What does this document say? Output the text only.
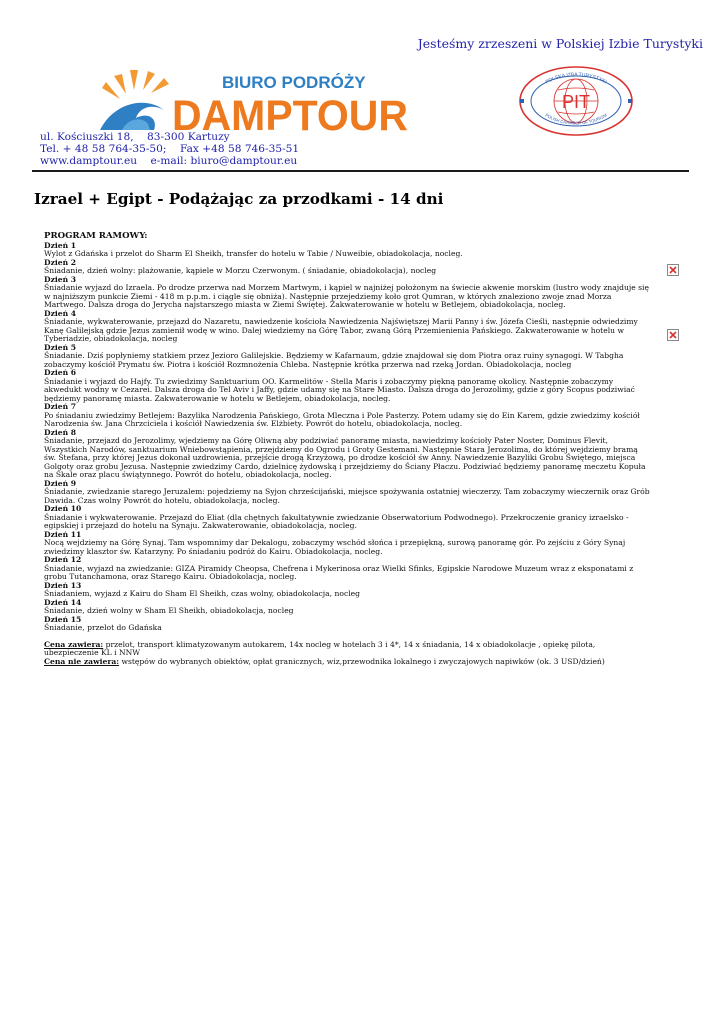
Jesteśmy zrzeszeni w Polskiej Izbie Turystyki
BIURO PODRÓŻY
DAMPTOUR
POLSKA IZBA TURYSTYKI
POLISH CHAMBER OF TOURISM
PIT
ul. Kościuszki 18,    83-300 Kartuzy
Tel. + 48 58 764-35-50;    Fax +48 58 746-35-51
www.damptour.eu    e-mail: biuro@damptour.eu
Izrael + Egipt - Podążając za przodkami - 14 dni
PROGRAM RAMOWY:
Dzień 1
Wylot z Gdańska i przelot do Sharm El Sheikh, transfer do hotelu w Tabie / Nuweibie, obiadokolacja, nocleg.
Dzień 2
Śniadanie, dzień wolny: plażowanie, kąpiele w Morzu Czerwonym. ( śniadanie, obiadokolacja), nocleg
Dzień 3
Śniadanie wyjazd do Izraela. Po drodze przerwa nad Morzem Martwym, i kąpiel w najniżej położonym na świecie akwenie morskim (lustro wody znajduje się w najniższym punkcie Ziemi - 418 m p.p.m. i ciągle się obniża). Następnie przejedziemy koło grot Qumran, w których znaleziono zwoje znad Morza Martwego. Dalsza droga do Jerycha najstarszego miasta w Ziemi Świętej. Zakwaterowanie w hotelu w Betlejem, obiadokolacja, nocleg.
Dzień 4
Śniadanie, wykwaterowanie, przejazd do Nazaretu, nawiedzenie kościoła Nawiedzenia Najświętszej Marii Panny i św. Józefa Cieśli, następnie odwiedzimy Kanę Galilejską gdzie Jezus zamienił wodę w wino. Dalej wiedziemy na Górę Tabor, zwaną Górą Przemienienia Pańskiego. Zakwaterowanie w hotelu w Tyberiadzie, obiadokolacja, nocleg
Dzień 5
Śniadanie. Dziś popłyniemy statkiem przez Jezioro Galilejskie. Będziemy w Kafarnaum, gdzie znajdował się dom Piotra oraz ruiny synagogi. W Tabgha zobaczymy kościół Prymatu św. Piotra i kościół Rozmnożenia Chleba. Następnie krótka przerwa nad rzeką Jordan. Obiadokolacja, nocleg
Dzień 6
Śniadanie i wyjazd do Hajfy. Tu zwiedzimy Sanktuarium OO. Karmelitów - Stella Maris i zobaczymy piękną panoramę okolicy. Następnie zobaczymy akwedukt wodny w Cezarei. Dalsza droga do Tel Aviv i Jaffy, gdzie udamy się na Stare Miasto. Dalsza droga do Jerozolimy, gdzie z góry Scopus podziwiać będziemy panoramę miasta. Zakwaterowanie w hotelu w Betlejem, obiadokolacja, nocleg.
Dzień 7
Po śniadaniu zwiedzimy Betlejem: Bazylika Narodzenia Pańskiego, Grota Mleczna i Pole Pasterzy. Potem udamy się do Ein Karem, gdzie zwiedzimy kościół Narodzenia św. Jana Chrzciciela i kościół Nawiedzenia św. Elżbiety. Powrót do hotelu, obiadokolacja, nocleg.
Dzień 8
Śniadanie, przejazd do Jerozolimy, wjedziemy na Górę Oliwną aby podziwiać panoramę miasta, nawiedzimy kościoły Pater Noster, Dominus Flevit, Wszystkich Narodów, sanktuarium Wniebowstąpienia, przejdziemy do Ogrodu i Groty Gestemani. Następnie Stara Jerozolima, do której wejdziemy bramą św. Stefana, przy której Jezus dokonał uzdrowienia, przejście drogą Krzyżową, po drodze kościół św Anny. Nawiedzenie Bazyliki Grobu Świętego, miejsca Golgoty oraz grobu Jezusa. Następnie zwiedzimy Cardo, dzielnicę żydowską i przejdziemy do Ściany Płaczu. Podziwiać będziemy panoramę meczetu Kopuła na Skale oraz placu świątynnego. Powrót do hotelu, obiadokolacja, nocleg.
Dzień 9
Śniadanie, zwiedzanie starego Jeruzalem: pojedziemy na Syjon chrześcijański, miejsce spożywania ostatniej wieczerzy. Tam zobaczymy wieczernik oraz Grób Dawida. Czas wolny Powrót do hotelu, obiadokolacja, nocleg.
Dzień 10
Śniadanie i wykwaterowanie. Przejazd do Eliat (dla chętnych fakultatywnie zwiedzanie Obserwatorium Podwodnego). Przekroczenie granicy izraelsko - egipskiej i przejazd do hotelu na Synaju. Zakwaterowanie, obiadokolacja, nocleg.
Dzień 11
Nocą wejdziemy na Górę Synaj. Tam wspomnimy dar Dekalogu, zobaczymy wschód słońca i przepiękną, surową panoramę gór. Po zejściu z Góry Synaj zwiedzimy klasztor św. Katarzyny. Po śniadaniu podróż do Kairu. Obiadokolacja, nocleg.
Dzień 12
Śniadanie, wyjazd na zwiedzanie: GIZA Piramidy Cheopsa, Chefrena i Mykerinosa oraz Wielki Sfinks, Egipskie Narodowe Muzeum wraz z eksponatami z grobu Tutanchamona, oraz Starego Kairu. Obiadokolacja, nocleg.
Dzień 13
Śniadaniem, wyjazd z Kairu do Sham El Sheikh, czas wolny, obiadokolacja, nocleg
Dzień 14
Śniadanie, dzień wolny w Sham El Sheikh, obiadokolacja, nocleg
Dzień 15
Śniadanie, przelot do Gdańska
Cena zawiera: przelot, transport klimatyzowanym autokarem, 14x nocleg w hotelach 3 i 4*, 14 x śniadania, 14 x obiadokolacje , opiekę pilota, ubezpieczenie KL i NNW
Cena nie zawiera: wstępów do wybranych obiektów, opłat granicznych, wiz,przewodnika lokalnego i zwyczajowych napiwków (ok. 3 USD/dzień)
